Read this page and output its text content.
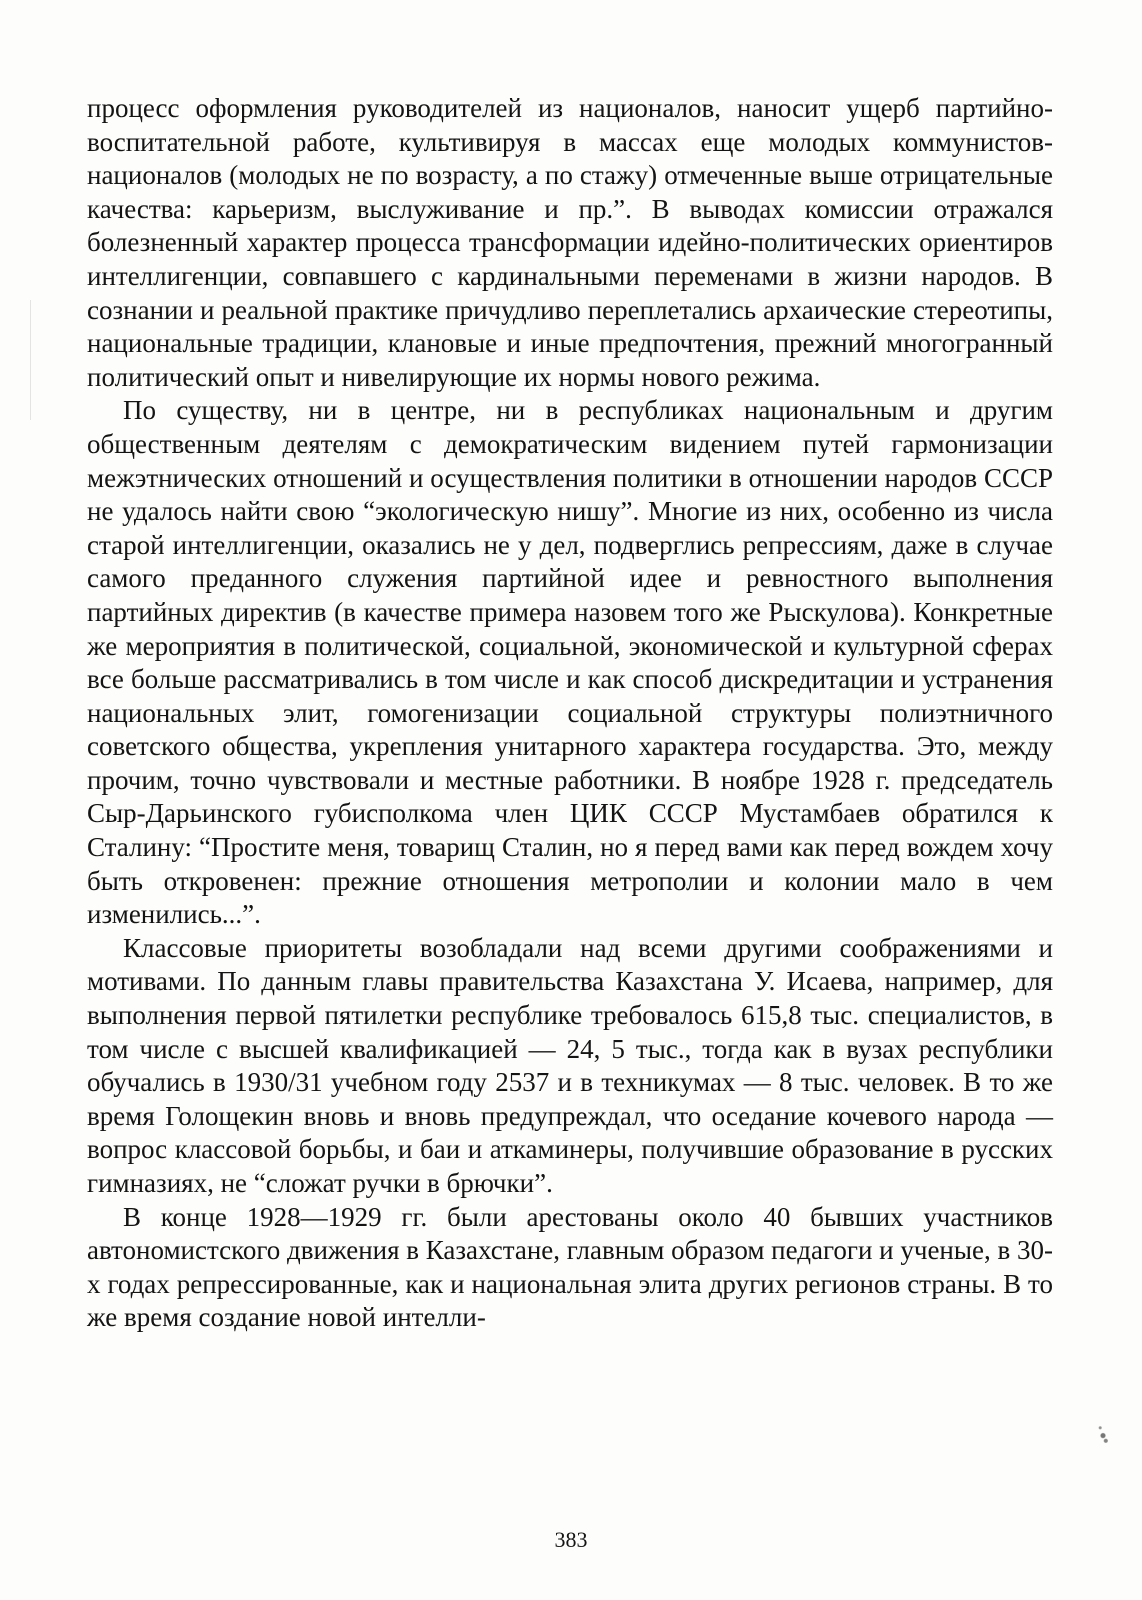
процесс оформления руководителей из националов, наносит ущерб партийно-воспитательной работе, культивируя в массах еще молодых коммунистов-националов (молодых не по возрасту, а по стажу) отмеченные выше отрицательные качества: карьеризм, выслуживание и пр.”. В выводах комиссии отражался болезненный характер процесса трансформации идейно-политических ориентиров интеллигенции, совпавшего с кардинальными переменами в жизни народов. В сознании и реальной практике причудливо переплетались архаические стереотипы, национальные традиции, клановые и иные предпочтения, прежний многогранный политический опыт и нивелирующие их нормы нового режима.

По существу, ни в центре, ни в республиках национальным и другим общественным деятелям с демократическим видением путей гармонизации межэтнических отношений и осуществления политики в отношении народов СССР не удалось найти свою “экологическую нишу”. Многие из них, особенно из числа старой интеллигенции, оказались не у дел, подверглись репрессиям, даже в случае самого преданного служения партийной идее и ревностного выполнения партийных директив (в качестве примера назовем того же Рыскулова). Конкретные же мероприятия в политической, социальной, экономической и культурной сферах все больше рассматривались в том числе и как способ дискредитации и устранения национальных элит, гомогенизации социальной структуры полиэтничного советского общества, укрепления унитарного характера государства. Это, между прочим, точно чувствовали и местные работники. В ноябре 1928 г. председатель Сыр-Дарьинского губисполкома член ЦИК СССР Мустамбаев обратился к Сталину: “Простите меня, товарищ Сталин, но я перед вами как перед вождем хочу быть откровенен: прежние отношения метрополии и колонии мало в чем изменились...”.

Классовые приоритеты возобладали над всеми другими соображениями и мотивами. По данным главы правительства Казахстана У. Исаева, например, для выполнения первой пятилетки республике требовалось 615,8 тыс. специалистов, в том числе с высшей квалификацией — 24, 5 тыс., тогда как в вузах республики обучались в 1930/31 учебном году 2537 и в техникумах — 8 тыс. человек. В то же время Голощекин вновь и вновь предупреждал, что оседание кочевого народа — вопрос классовой борьбы, и баи и аткаминеры, получившие образование в русских гимназиях, не “сложат ручки в брючки”.

В конце 1928—1929 гг. были арестованы около 40 бывших участников автономистского движения в Казахстане, главным образом педагоги и ученые, в 30-х годах репрессированные, как и национальная элита других регионов страны. В то же время создание новой интелли-

383
